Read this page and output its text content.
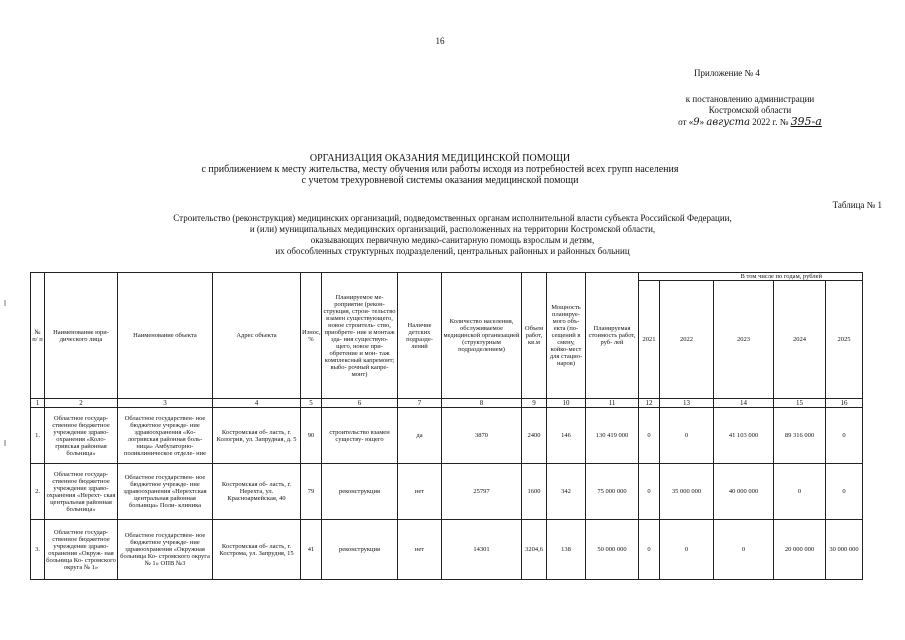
16
Приложение № 4
к постановлению администрации
Костромской области
от «9» августа 2022 г. № 395-а
ОРГАНИЗАЦИЯ ОКАЗАНИЯ МЕДИЦИНСКОЙ ПОМОЩИ
с приближением к месту жительства, месту обучения или работы исходя из потребностей всех групп населения
с учетом трехуровневой системы оказания медицинской помощи
Таблица № 1
Строительство (реконструкция) медицинских организаций, подведомственных органам исполнительной власти субъекта Российской Федерации,
и (или) муниципальных медицинских организаций, расположенных на территории Костромской области,
оказывающих первичную медико-санитарную помощь взрослым и детям,
их обособленных структурных подразделений, центральных районных и районных больниц
№ п/ п	Наименование юри- дического лица	Наименование объекта	Адрес объекта	Износ, %	Планируемое ме- роприятие (рекон- струкция, строи- тельство взамен существующего, новое строитель- ство, приобрете- ние и монтаж зда- ния существую- щего, новое при- обретение и мон- таж комплексный капремонт; выбо- рочный капре- монт)	Наличие детских подразде- лений	Количество населения, обслуживаемое медицинской организацией (структурным подразделением)	Объем работ, кв.м	Мощность планируе- мого объ- екта (по- сещений в смену, койко-мест для стацио- наров)	Планируемая стоимость работ, руб- лей	В том числе по годам, рублей				
											2021	2022	2023	2024	2025
1	2	3	4	5	6	7	8	9	10	11	12	13	14	15	16
1.	Областное государ- ственное бюджетное учреждение здраво- охранения «Коло- гривская районная больница»	Областное государствен- ное бюджетное учрежде- ние здравоохранения «Ко- логривская районная боль- ница» Амбулаторно- поликлиническое отделе- ние	Костромская об- ласть, г. Кологрив, ул. Запрудная, д. 5	90	строительство взамен существу- ющего	да	3870	2400	146	130 419 000	0	0	41 103 000	89 316 000	0
2.	Областное государ- ственное бюджетное учреждение здраво- охранения «Нерехт- ская центральная районная больница»	Областное государствен- ное бюджетное учрежде- ние здравоохранения «Нерехтская центральная районная больница» Поли- клиника	Костромская об- ласть, г. Нерехта, ул. Красноармейская, 40	79	реконструкция	нет	25797	1600	342	75 000 000	0	35 000 000	40 000 000	0	0
3.	Областное государ- ственное бюджетное учреждение здраво- охранения «Окруж- ная больница Ко- стромского округа № 1»	Областное государствен- ное бюджетное учрежде- ние здравоохранения «Окружная больница Ко- стромского округа № 1» ОПВ №3	Костромская об- ласть, г. Кострома, ул. Запрудня, 15	41	реконструкция	нет	14301	3204,6	138	50 000 000	0	0	0	20 000 000	30 000 000
